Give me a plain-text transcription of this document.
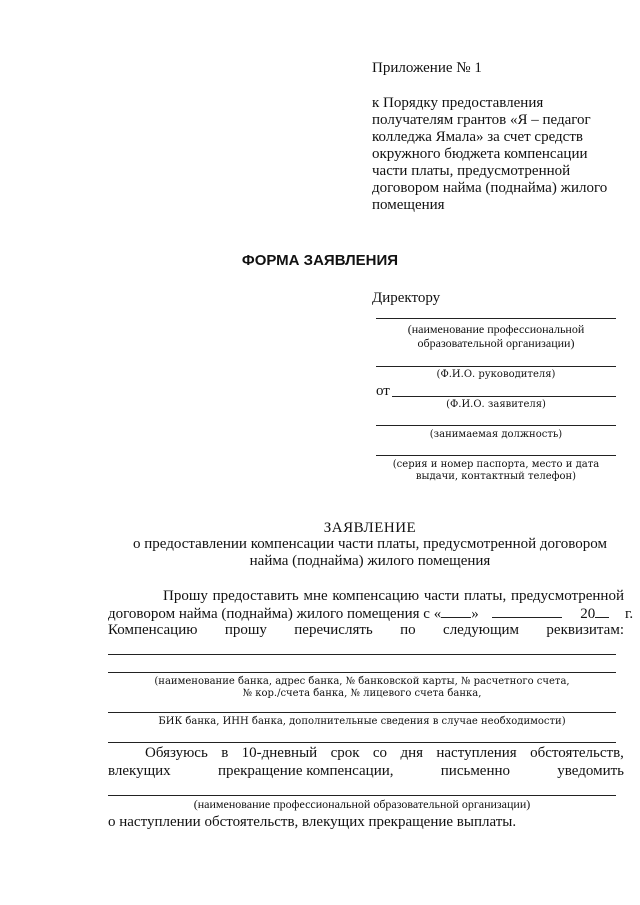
Приложение № 1
к Порядку предоставления
получателям грантов «Я – педагог
колледжа Ямала» за счет средств
окружного бюджета компенсации
части платы, предусмотренной
договором найма (поднайма) жилого
помещения
ФОРМА ЗАЯВЛЕНИЯ
Директору
(наименование профессиональной
образовательной организации)
(Ф.И.О. руководителя)
от
(Ф.И.О. заявителя)
(занимаемая должность)
(серия и номер паспорта, место и дата
выдачи, контактный телефон)
ЗАЯВЛЕНИЕ
о предоставлении компенсации части платы, предусмотренной договором
найма (поднайма) жилого помещения
Прошу предоставить мне компенсацию части платы, предусмотренной
договором найма (поднайма) жилого помещения с « »	20 г.
Компенсацию прошу перечислять по следующим реквизитам:
(наименование банка, адрес банка, № банковской карты, № расчетного счета,
№ кор./счета банка, № лицевого счета банка,
БИК банка, ИНН банка, дополнительные сведения в случае необходимости)
Обязуюсь в 10-дневный срок со дня наступления обстоятельств,
влекущих	прекращение компенсации,	письменно	уведомить
(наименование профессиональной образовательной организации)
о наступлении обстоятельств, влекущих прекращение выплаты.
